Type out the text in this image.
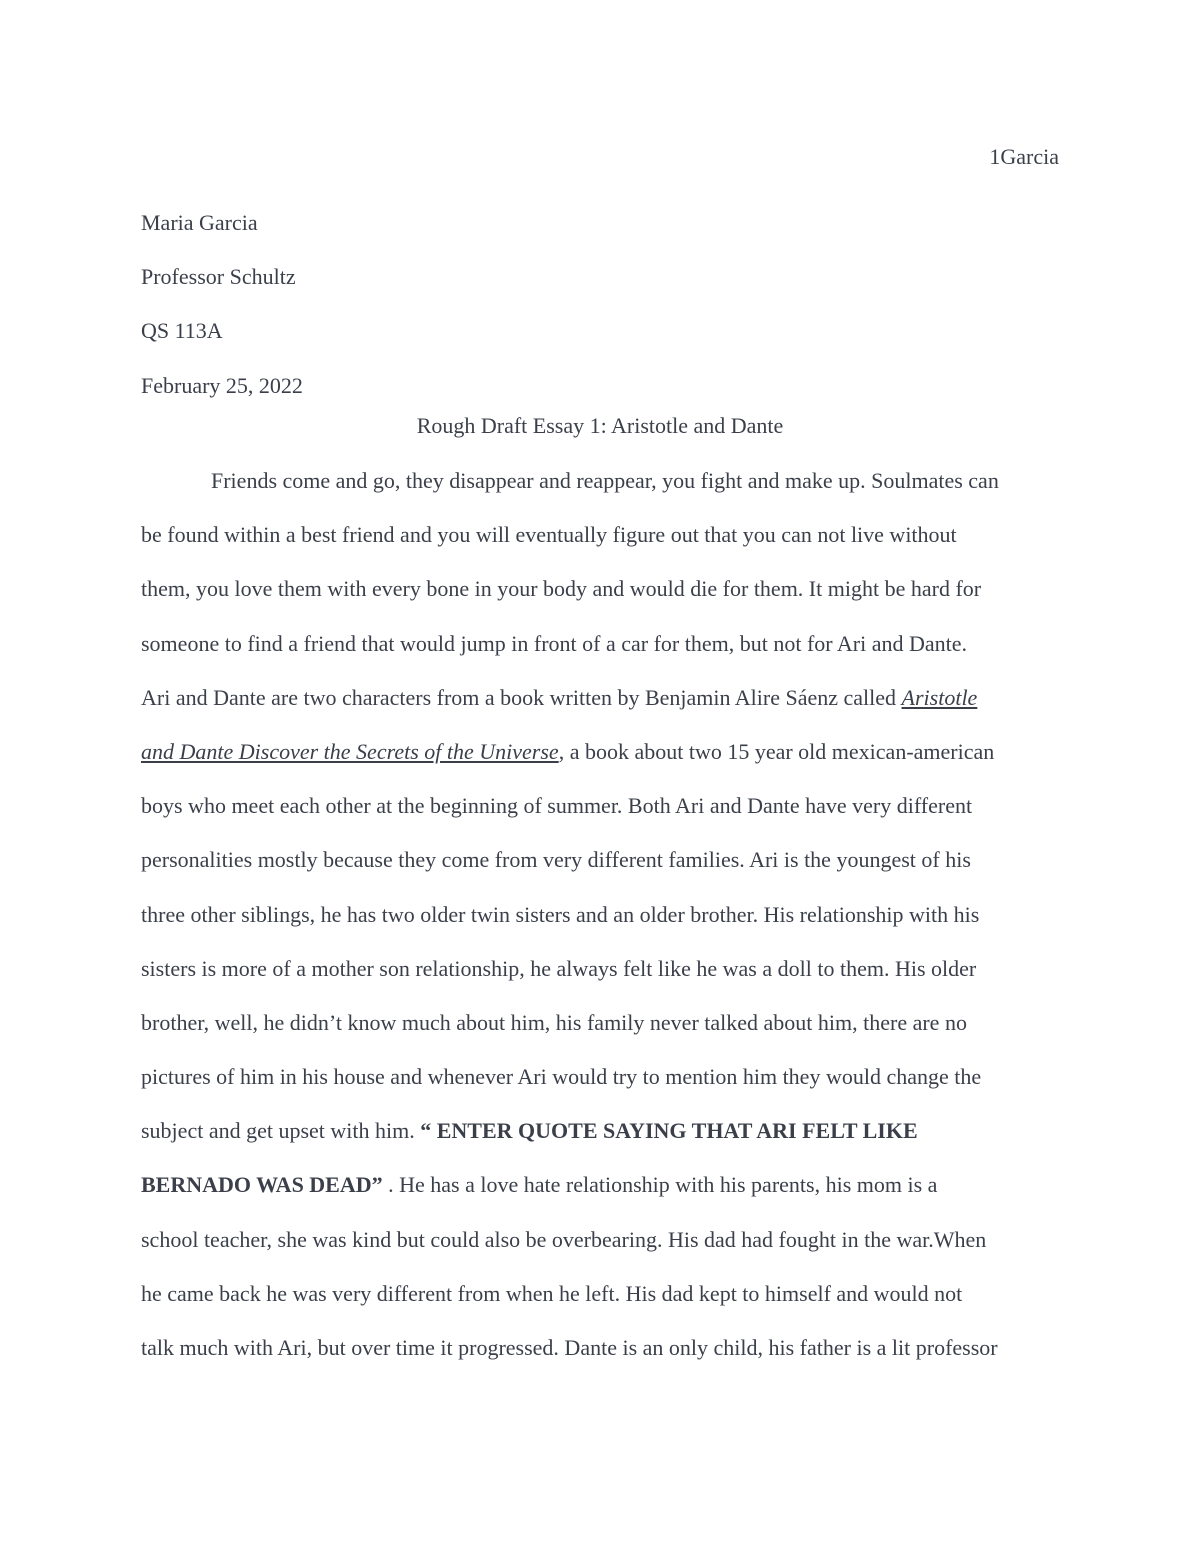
1Garcia
Maria Garcia
Professor Schultz
QS 113A
February 25, 2022
Rough Draft Essay 1: Aristotle and Dante
Friends come and go, they disappear and reappear, you fight and make up. Soulmates can
be found within a best friend and you will eventually figure out that you can not live without
them, you love them with every bone in your body and would die for them. It might be hard for
someone to find a friend that would jump in front of a car for them, but not for Ari and Dante.
Ari and Dante are two characters from a book written by Benjamin Alire Sáenz called Aristotle
and Dante Discover the Secrets of the Universe, a book about two 15 year old mexican-american
boys who meet each other at the beginning of summer. Both Ari and Dante have very different
personalities mostly because they come from very different families. Ari is the youngest of his
three other siblings, he has two older twin sisters and an older brother. His relationship with his
sisters is more of a mother son relationship, he always felt like he was a doll to them. His older
brother, well, he didn’t know much about him, his family never talked about him, there are no
pictures of him in his house and whenever Ari would try to mention him they would change the
subject and get upset with him. “ ENTER QUOTE SAYING THAT ARI FELT LIKE
BERNADO WAS DEAD” . He has a love hate relationship with his parents, his mom is a
school teacher, she was kind but could also be overbearing. His dad had fought in the war.When
he came back he was very different from when he left. His dad kept to himself and would not
talk much with Ari, but over time it progressed. Dante is an only child, his father is a lit professor
